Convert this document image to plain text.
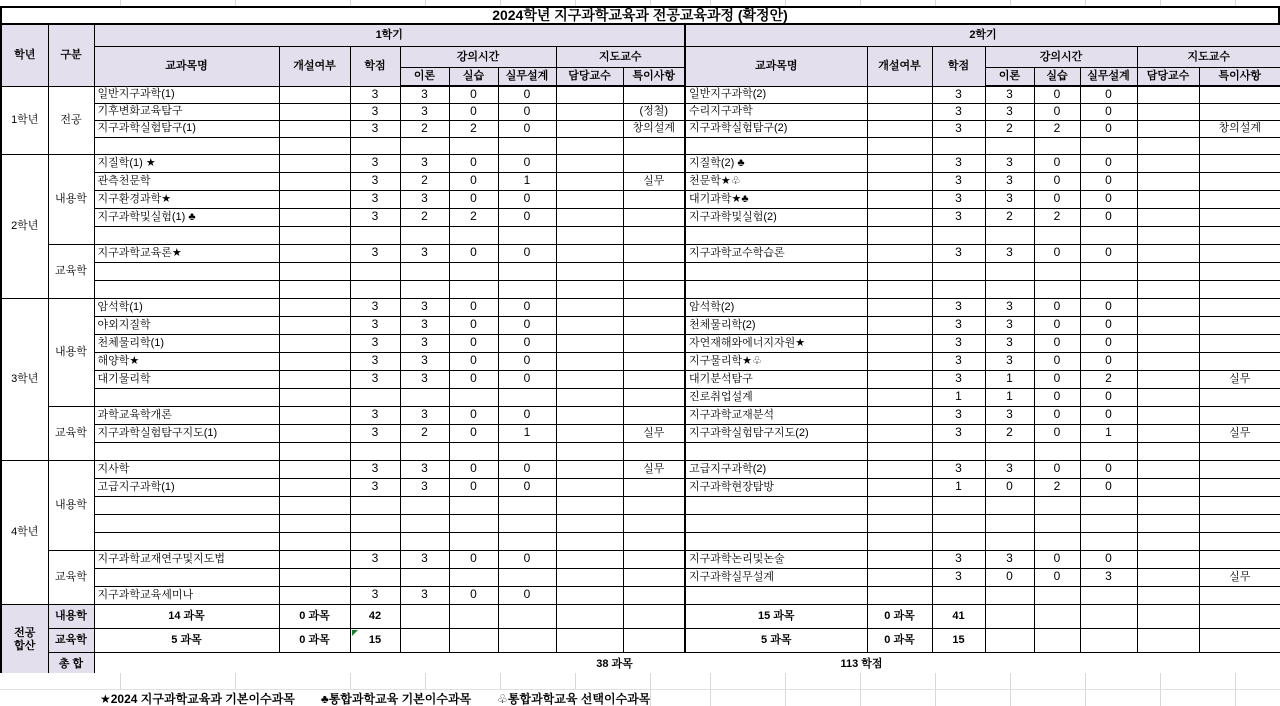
2024학년 지구과학교육과 전공교육과정 (확정안)
학년	구분	1학기								2학기							
		교과목명	개설여부	학점	강의시간			지도교수		교과목명	개설여부	학점	강의시간			지도교수	
					이론	실습	실무설계	담당교수	특이사항				이론	실습	실무설계	담당교수	특이사항
1학년	전공	일반지구과학(1)		3	3	0	0			일반지구과학(2)		3	3	0	0		
		기후변화교육탐구		3	3	0	0		(정철)	수리지구과학		3	3	0	0		
		지구과학실험탐구(1)		3	2	2	0		창의설계	지구과학실험탐구(2)		3	2	2	0		창의설계

2학년	내용학	지질학(1) ★		3	3	0	0			지질학(2) ♣		3	3	0	0		
		관측천문학		3	2	0	1		실무	천문학★♧		3	3	0	0		
		지구환경과학★		3	3	0	0			대기과학★♣		3	3	0	0		
		지구과학및실험(1) ♣		3	2	2	0			지구과학및실험(2)		3	2	2	0		

	교육학	지구과학교육론★		3	3	0	0			지구과학교수학습론		3	3	0	0		

3학년	내용학	암석학(1)		3	3	0	0			암석학(2)		3	3	0	0		
		야외지질학		3	3	0	0			천체물리학(2)		3	3	0	0		
		천체물리학(1)		3	3	0	0			자연재해와에너지자원★		3	3	0	0		
		해양학★		3	3	0	0			지구물리학★♧		3	3	0	0		
		대기물리학		3	3	0	0			대기분석탐구		3	1	0	2		실무
										진로취업설계		1	1	0	0		
	교육학	과학교육학개론		3	3	0	0			지구과학교재분석		3	3	0	0		
		지구과학실험탐구지도(1)		3	2	0	1		실무	지구과학실험탐구지도(2)		3	2	0	1		실무

4학년	내용학	지사학		3	3	0	0		실무	고급지구과학(2)		3	3	0	0		
		고급지구과학(1)		3	3	0	0			지구과학현장탐방		1	0	2	0		

	교육학	지구과학교재연구및지도법		3	3	0	0			지구과학논리및논술		3	3	0	0		
										지구과학실무설계		3	0	0	3		실무
		지구과학교육세미나		3	3	0	0										

전공
합산	내용학	14 과목	0 과목	42						15 과목	0 과목	41					
	교육학	5 과목	0 과목	15						5 과목	0 과목	15					
	총 합	38 과목 113 학점															
★2024 지구과학교육과 기본이수과목 ♣통합과학교육 기본이수과목 ♧통합과학교육 선택이수과목
